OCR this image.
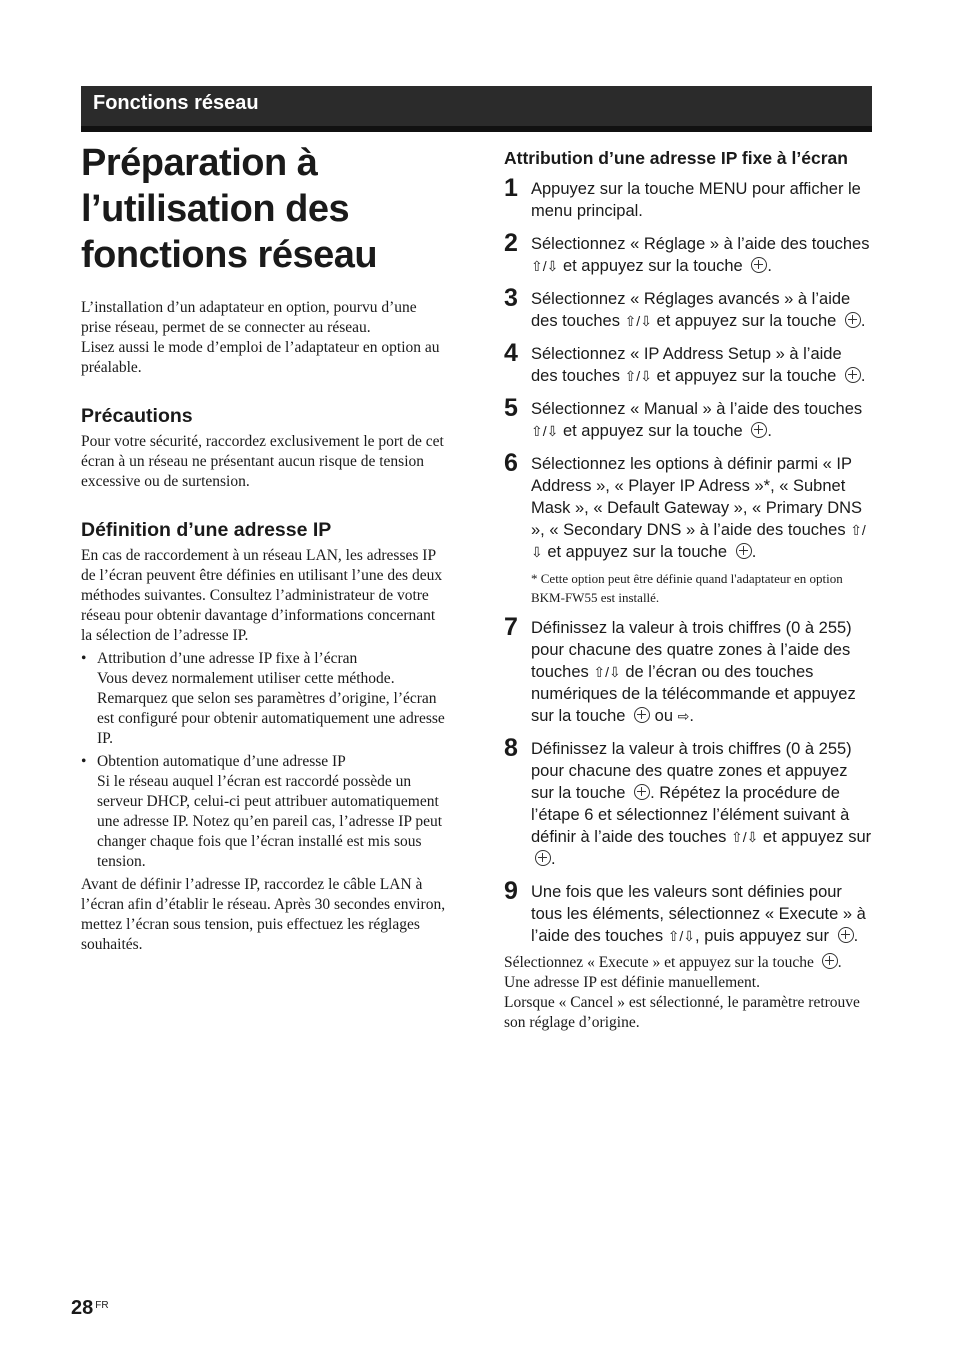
Fonctions réseau
Préparation à
l’utilisation des
fonctions réseau

L’installation d’un adaptateur en option, pourvu d’une prise réseau, permet de se connecter au réseau.

Lisez aussi le mode d’emploi de l’adaptateur en option au préalable.

Précautions

Pour votre sécurité, raccordez exclusivement le port de cet écran à un réseau ne présentant aucun risque de tension excessive ou de surtension.

Définition d’une adresse IP

En cas de raccordement à un réseau LAN, les adresses IP de l’écran peuvent être définies en utilisant l’une des deux méthodes suivantes. Consultez l’administrateur de votre réseau pour obtenir davantage d’informations concernant la sélection de l’adresse IP.

• Attribution d’une adresse IP fixe à l’écran
Vous devez normalement utiliser cette méthode. Remarquez que selon ses paramètres d’origine, l’écran est configuré pour obtenir automatiquement une adresse IP.
• Obtention automatique d’une adresse IP
Si le réseau auquel l’écran est raccordé possède un serveur DHCP, celui-ci peut attribuer automatiquement une adresse IP. Notez qu’en pareil cas, l’adresse IP peut changer chaque fois que l’écran installé est mis sous tension.

Avant de définir l’adresse IP, raccordez le câble LAN à l’écran afin d’établir le réseau. Après 30 secondes environ, mettez l’écran sous tension, puis effectuez les réglages souhaités.

Attribution d’une adresse IP fixe à l’écran
1 Appuyez sur la touche MENU pour afficher le menu principal.
2 Sélectionnez « Réglage » à l’aide des touches ⇧/⇩ et appuyez sur la touche .
3 Sélectionnez « Réglages avancés » à l’aide des touches ⇧/⇩ et appuyez sur la touche .
4 Sélectionnez « IP Address Setup » à l’aide des touches ⇧/⇩ et appuyez sur la touche .
5 Sélectionnez « Manual » à l’aide des touches ⇧/⇩ et appuyez sur la touche .
6 Sélectionnez les options à définir parmi « IP Address », « Player IP Adress »*, « Subnet Mask », « Default Gateway », « Primary DNS », « Secondary DNS » à l’aide des touches ⇧/⇩ et appuyez sur la touche .

* Cette option peut être définie quand l'adaptateur en option BKM-FW55 est installé.

7 Définissez la valeur à trois chiffres (0 à 255) pour chacune des quatre zones à l’aide des touches ⇧/⇩ de l’écran ou des touches numériques de la télécommande et appuyez sur la touche ou ⇨.
8 Définissez la valeur à trois chiffres (0 à 255) pour chacune des quatre zones et appuyez sur la touche . Répétez la procédure de l’étape 6 et sélectionnez l’élément suivant à définir à l’aide des touches ⇧/⇩ et appuyez sur .
9 Une fois que les valeurs sont définies pour tous les éléments, sélectionnez « Execute » à l’aide des touches ⇧/⇩, puis appuyez sur .

Sélectionnez « Execute » et appuyez sur la touche .
Une adresse IP est définie manuellement.
Lorsque « Cancel » est sélectionné, le paramètre retrouve son réglage d’origine.

28 $^{FR}$
